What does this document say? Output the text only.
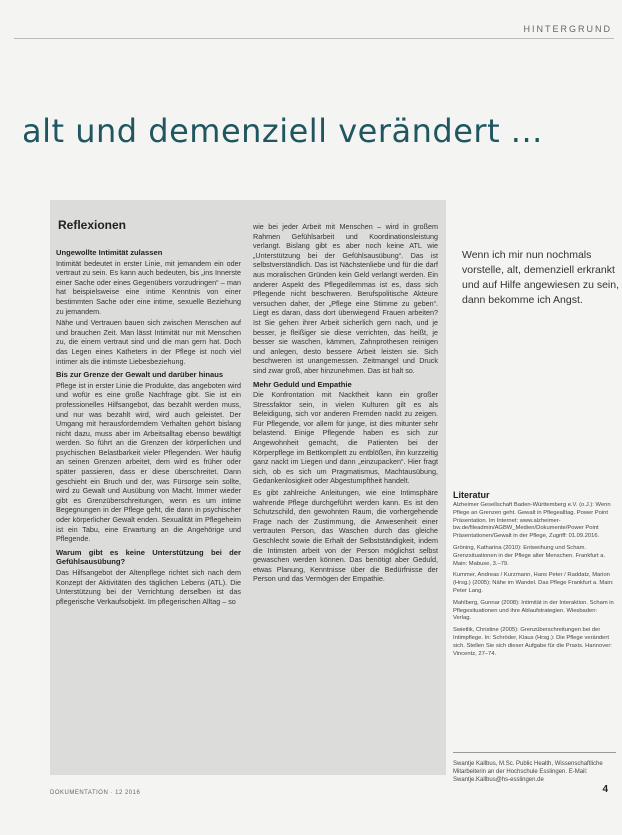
HINTERGRUND
alt und demenziell verändert ...
Reflexionen
Ungewollte Intimität zulassen

Intimität bedeutet in erster Linie, mit jemandem ein oder vertraut zu sein. Es kann auch bedeuten, bis „ins Innerste einer Sache oder eines Gegenübers vorzudringen“ – man hat beispielsweise eine intime Kenntnis von einer bestimmten Sache oder eine intime, sexuelle Beziehung zu jemandem.

Nähe und Vertrauen bauen sich zwischen Menschen auf und brauchen Zeit. Man lässt Intimität nur mit Menschen zu, die einem vertraut sind und die man gern hat. Doch das Legen eines Katheters in der Pflege ist noch viel intimer als die intimste Liebesbeziehung.

Bis zur Grenze der Gewalt und darüber hinaus

Pflege ist in erster Linie die Produkte, das angeboten wird und wofür es eine große Nachfrage gibt. Sie ist ein professionelles Hilfsangebot, das bezahlt werden muss, und nur was bezahlt wird, wird auch geleistet. Der Umgang mit herausforderndem Verhalten gehört bislang nicht dazu, muss aber im Arbeitsalltag ebenso bewältigt werden. So führt an die Grenzen der körperlichen und psychischen Belastbarkeit vieler Pflegenden. Wer häufig an seinen Grenzen arbeitet, dem wird es früher oder später passieren, dass er diese überschreitet. Dann geschieht ein Bruch und der, was Fürsorge sein sollte, wird zu Gewalt und Ausübung von Macht. Immer wieder gibt es Grenzüberschreitungen, wenn es um intime Begegnungen in der Pflege geht, die dann in psychischer oder körperlicher Gewalt enden. Sexualität im Pflegeheim ist ein Tabu, eine Erwartung an die Angehörige und Pflegende.

Warum gibt es keine Unterstützung bei der Gefühlsausübung?

Das Hilfsangebot der Altenpflege richtet sich nach dem Konzept der Aktivitäten des täglichen Lebens (ATL). Die Unterstützung bei der Verrichtung derselben ist das pflegerische Verkaufsobjekt. Im pflegerischen Alltag – so

wie bei jeder Arbeit mit Menschen – wird in großem Rahmen Gefühlsarbeit und Koordinationsleistung verlangt. Bislang gibt es aber noch keine ATL wie „Unterstützung bei der Gefühlsausübung“. Das ist selbstverständlich. Das ist Nächstenliebe und für die darf aus moralischen Gründen kein Geld verlangt werden. Ein anderer Aspekt des Pflegedilemmas ist es, dass sich Pflegende nicht beschweren. Berufspolitische Akteure versuchen daher, der „Pflege eine Stimme zu geben“. Liegt es daran, dass dort überwiegend Frauen arbeiten? Ist Sie gehen ihrer Arbeit sicherlich gern nach, und je besser, je fleißiger sie diese verrichten, das heißt, je besser sie waschen, kämmen, Zahnprothesen reinigen und anlegen, desto bessere Arbeit leisten sie. Sich beschweren ist unangemessen. Zeitmangel und Druck sind zwar groß, aber hinzunehmen. Das ist halt so.

Mehr Geduld und Empathie

Die Konfrontation mit Nacktheit kann ein großer Stressfaktor sein, in vielen Kulturen gilt es als Beleidigung, sich vor anderen Fremden nackt zu zeigen. Für Pflegende, vor allem für junge, ist dies mitunter sehr belastend. Einige Pflegende haben es sich zur Angewohnheit gemacht, die Patienten bei der Körperpflege im Bettkomplett zu entblößen, ihn kurzzeitig ganz nackt im Liegen und dann „einzupacken“. Hier fragt sich, ob es sich um Pragmatismus, Machtausübung, Gedankenlosigkeit oder Abgestumpftheit handelt.

Es gibt zahlreiche Anleitungen, wie eine Intimsphäre wahrende Pflege durchgeführt werden kann. Es ist den Schutzschild, den gewohnten Raum, die vorhergehende Frage nach der Zustimmung, die Anwesenheit einer vertrauten Person, das Waschen durch das gleiche Geschlecht sowie die Erhalt der Selbstständigkeit, indem die Intimsten arbeit von der Person möglichst selbst gewaschen werden können. Das benötigt aber Geduld, etwas Planung, Kenntnisse über die Bedürfnisse der Person und das Vermögen der Empathie.

Wenn ich mir nun nochmals vorstelle, alt, demenziell erkrankt und auf Hilfe angewiesen zu sein, dann bekomme ich Angst.
Literatur

Alzheimer Gesellschaft Baden-Württemberg e.V. (o.J.): Wenn Pflege an Grenzen geht. Gewalt in Pflegealltag. Power Point Präsentation. Im Internet: www.alzheimer-bw.de/fileadmin/AGBW_Medien/Dokumente/Power Point Präsentationen/Gewalt in der Pflege, Zugriff: 01.09.2016.

Gröning, Katharina (2010): Entweihung und Scham. Grenzsituationen in der Pflege alter Menschen. Frankfurt a. Main: Mabuse, 3.–79.

Kummer, Andreas / Kurzmann, Hans Peter / Raddatz, Marion (Hrsg.) (2005): Nähe im Wandel. Das Pflege Frankfurt a. Main: Peter Lang.

Mahlberg, Gunnar (2008): Intimität in der Interaktion. Scham in Pflegesituationen und ihre Ablaufstrategien. Wiesbaden: Verlag.

Swietlik, Christine (2005): Grenzüberschreitungen bei der Intimpflege. In: Schröder, Klaus (Hrsg.): Die Pflege verändert sich. Stellen Sie sich dieser Aufgabe für die Praxis. Hannover: Vincentz, 27–74.

Swantje Kallbus, M.Sc. Public Health, Wissenschaftliche Mitarbeiterin an der Hochschule Esslingen. E-Mail: Swantje.Kallbus@hs-esslingen.de
DOKUMENTATION · 12 2016	4
